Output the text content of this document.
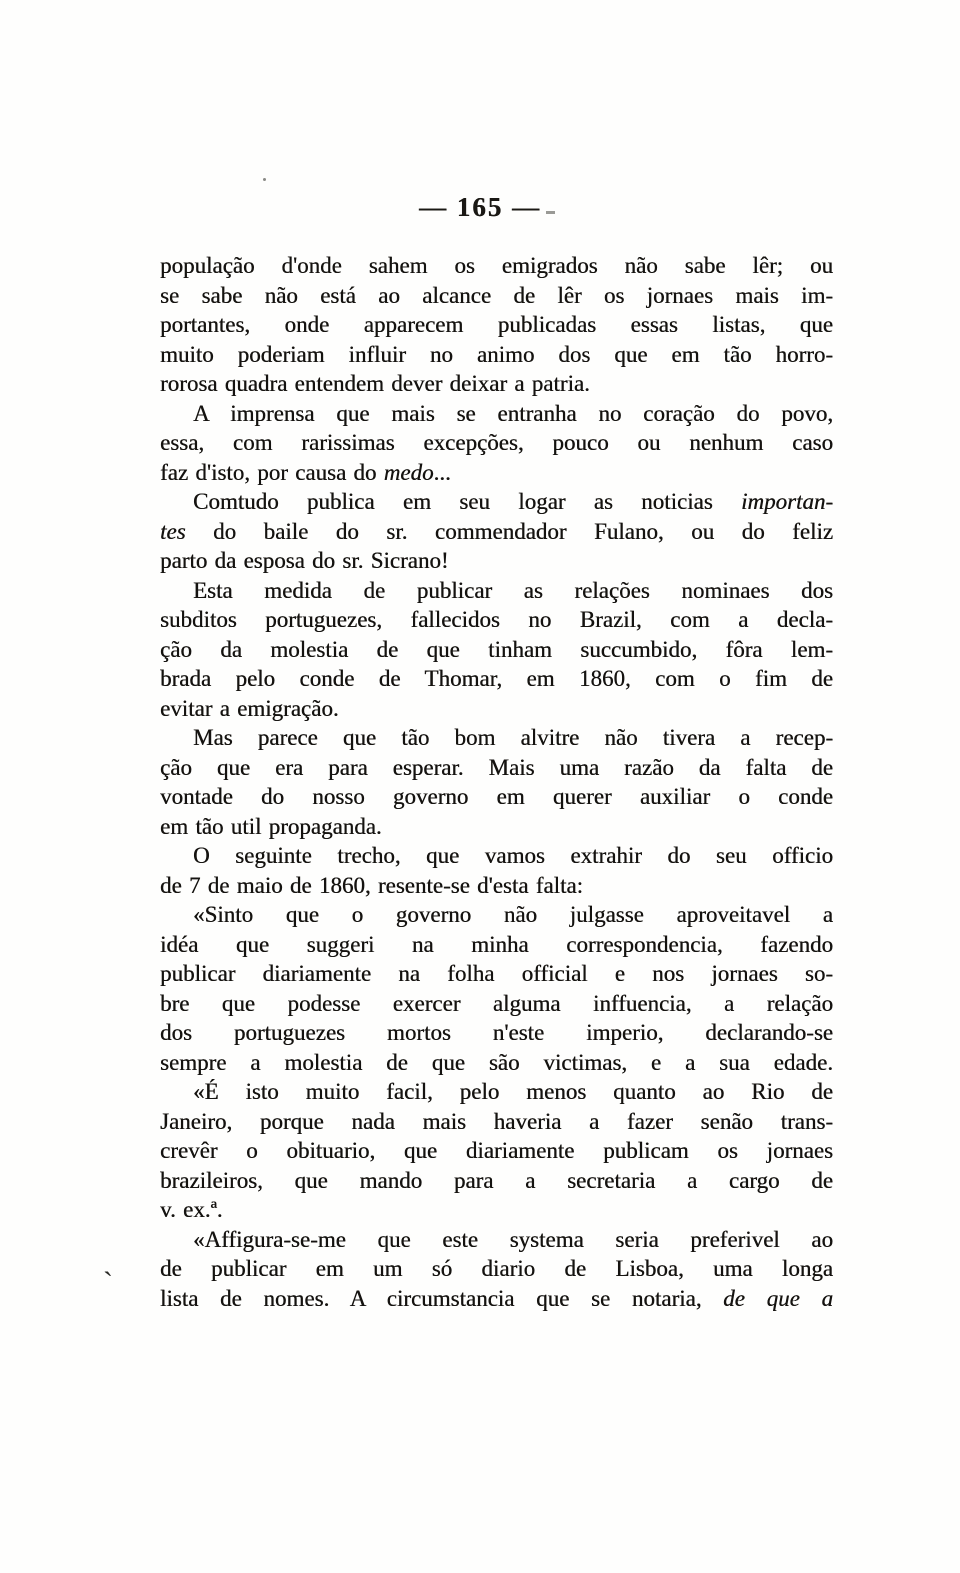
— 165 —
população d'onde sahem os emigrados não sabe lêr; ou
se sabe não está ao alcance de lêr os jornaes mais im-
portantes, onde apparecem publicadas essas listas, que
muito poderiam influir no animo dos que em tão horro-
rorosa quadra entendem dever deixar a patria.
A imprensa que mais se entranha no coração do povo,
essa, com rarissimas excepções, pouco ou nenhum caso
faz d'isto, por causa do medo...
Comtudo publica em seu logar as noticias importan-
tes do baile do sr. commendador Fulano, ou do feliz
parto da esposa do sr. Sicrano!
Esta medida de publicar as relações nominaes dos
subditos portuguezes, fallecidos no Brazil, com a decla-
ção da molestia de que tinham succumbido, fôra lem-
brada pelo conde de Thomar, em 1860, com o fim de
evitar a emigração.
Mas parece que tão bom alvitre não tivera a recep-
ção que era para esperar. Mais uma razão da falta de
vontade do nosso governo em querer auxiliar o conde
em tão util propaganda.
O seguinte trecho, que vamos extrahir do seu officio
de 7 de maio de 1860, resente-se d'esta falta:
«Sinto que o governo não julgasse aproveitavel a
idéa que suggeri na minha correspondencia, fazendo
publicar diariamente na folha official e nos jornaes so-
bre que podesse exercer alguma inffuencia, a relação
dos portuguezes mortos n'este imperio, declarando-se
sempre a molestia de que são victimas, e a sua edade.
«É isto muito facil, pelo menos quanto ao Rio de
Janeiro, porque nada mais haveria a fazer senão trans-
crevêr o obituario, que diariamente publicam os jornaes
brazileiros, que mando para a secretaria a cargo de
v. ex.ª.
«Affigura-se-me que este systema seria preferivel ao
de publicar em um só diario de Lisboa, uma longa
lista de nomes. A circumstancia que se notaria, de que a
`
